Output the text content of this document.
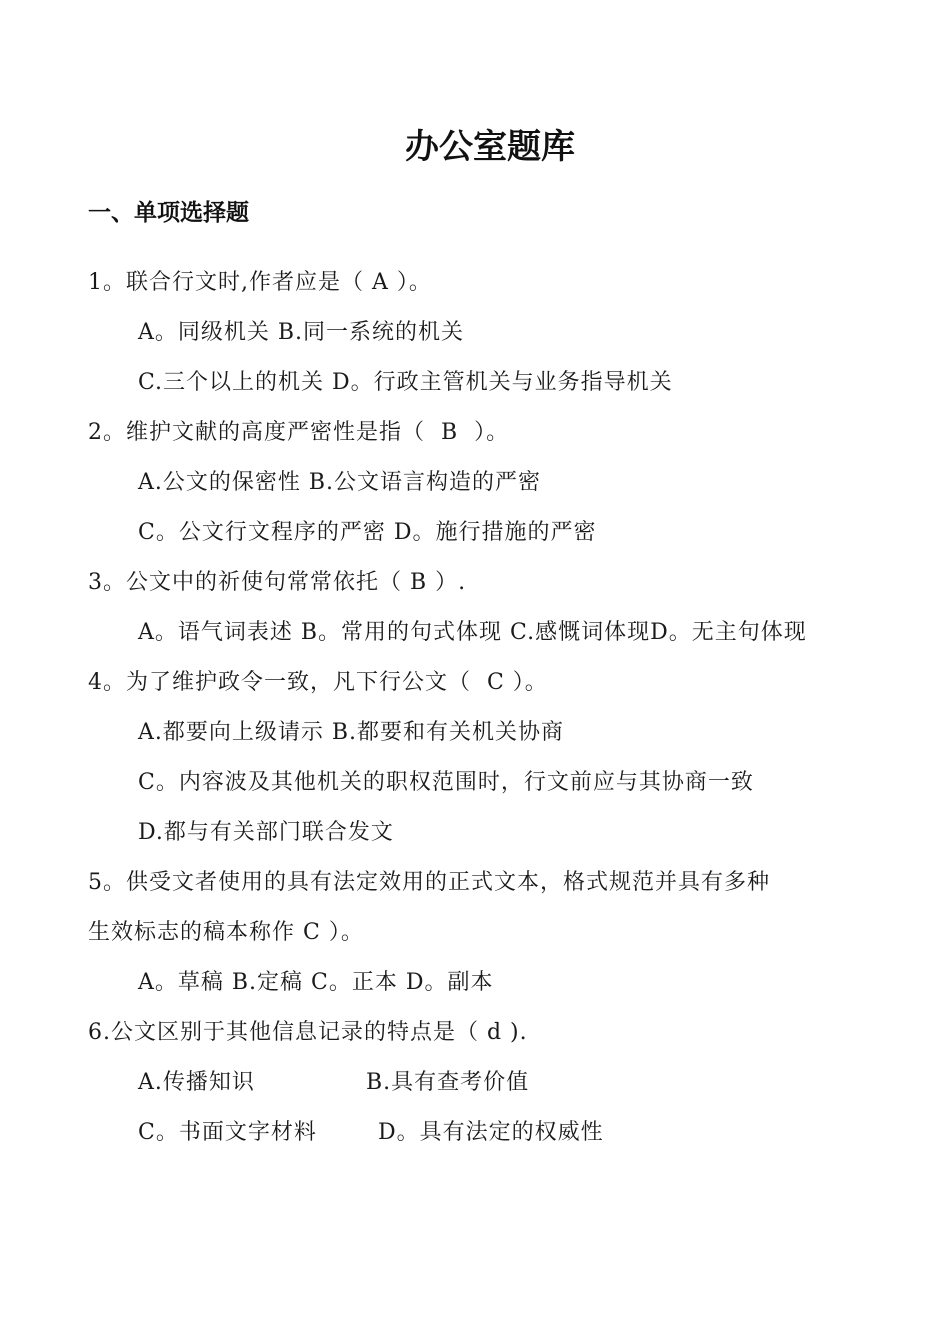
办公室题库
一、单项选择题
1。联合行文时,作者应是（ A ）。
A。同级机关 B.同一系统的机关
C.三个以上的机关 D。行政主管机关与业务指导机关
2。维护文献的高度严密性是指（  B  ）。
A.公文的保密性 B.公文语言构造的严密
C。公文行文程序的严密 D。施行措施的严密
3。公文中的祈使句常常依托（ B ）.
A。语气词表述 B。常用的句式体现 C.感慨词体现D。无主句体现
4。为了维护政令一致，凡下行公文（  C ）。
A.都要向上级请示 B.都要和有关机关协商
C。内容波及其他机关的职权范围时，行文前应与其协商一致
D.都与有关部门联合发文
5。供受文者使用的具有法定效用的正式文本，格式规范并具有多种
生效标志的稿本称作 C ）。
A。草稿 B.定稿 C。正本 D。副本
6.公文区别于其他信息记录的特点是（ d ).
A.传播知识	B.具有查考价值
C。书面文字材料	D。具有法定的权威性
